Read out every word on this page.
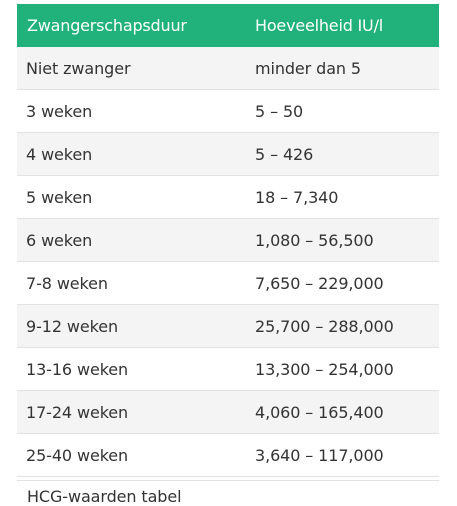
Zwangerschapsduur	Hoeveelheid IU/l
Niet zwanger	minder dan 5
3 weken	5 – 50
4 weken	5 – 426
5 weken	18 – 7,340
6 weken	1,080 – 56,500
7-8 weken	7,650 – 229,000
9-12 weken	25,700 – 288,000
13-16 weken	13,300 – 254,000
17-24 weken	4,060 – 165,400
25-40 weken	3,640 – 117,000
HCG-waarden tabel
